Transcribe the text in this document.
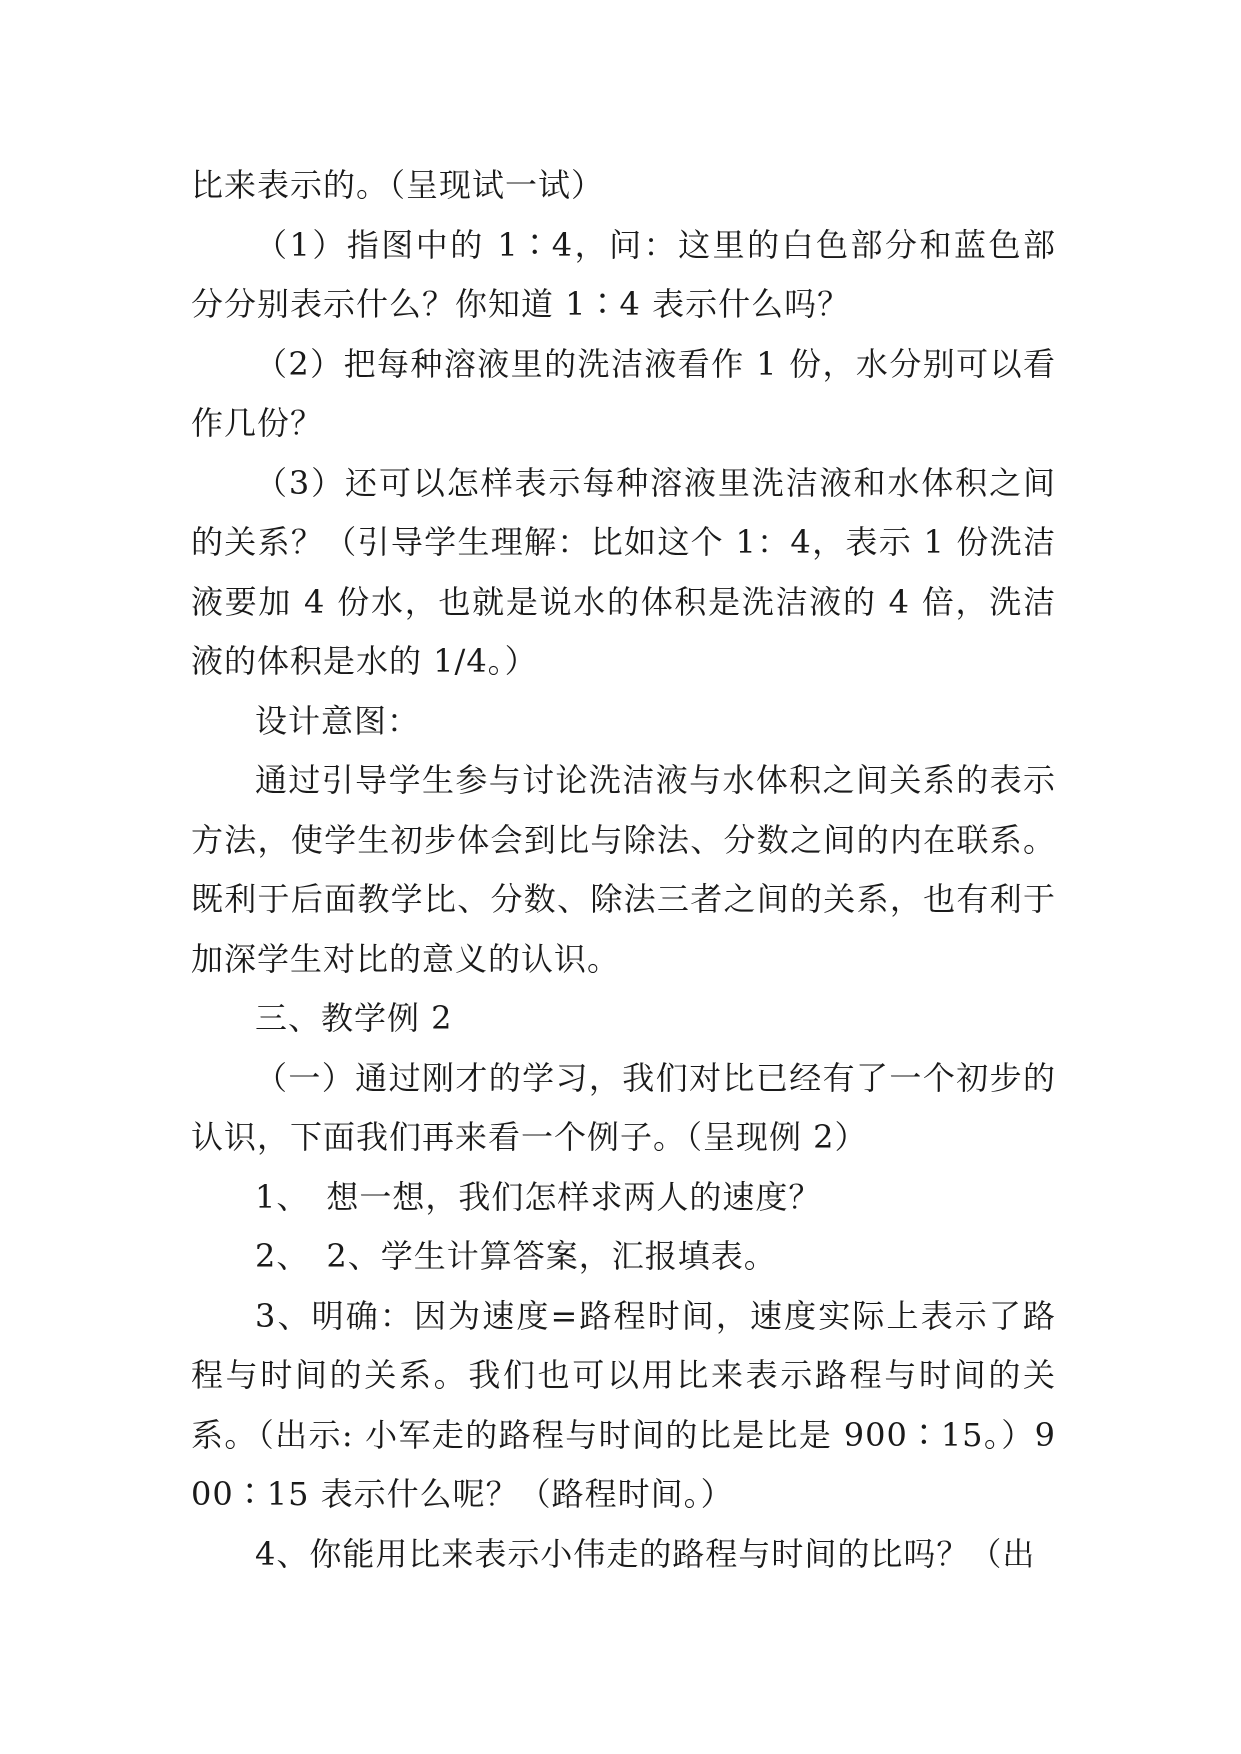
比来表示的。（呈现试一试）

（1）指图中的 1∶4，问：这里的白色部分和蓝色部分分别表示什么？你知道 1∶4 表示什么吗？

（2）把每种溶液里的洗洁液看作 1 份，水分别可以看作几份？

（3）还可以怎样表示每种溶液里洗洁液和水体积之间的关系？（引导学生理解：比如这个 1：4，表示 1 份洗洁液要加 4 份水，也就是说水的体积是洗洁液的 4 倍，洗洁液的体积是水的 1/4。）

设计意图：

通过引导学生参与讨论洗洁液与水体积之间关系的表示方法，使学生初步体会到比与除法、分数之间的内在联系。既利于后面教学比、分数、除法三者之间的关系，也有利于加深学生对比的意义的认识。

三、教学例 2

（一）通过刚才的学习，我们对比已经有了一个初步的认识，下面我们再来看一个例子。（呈现例 2）

1、　想一想，我们怎样求两人的速度？

2、　2、学生计算答案，汇报填表。

3、明确：因为速度=路程时间，速度实际上表示了路程与时间的关系。我们也可以用比来表示路程与时间的关系。（出示: 小军走的路程与时间的比是比是 900∶15。）900∶15 表示什么呢？（路程时间。）

4、你能用比来表示小伟走的路程与时间的比吗？（出
